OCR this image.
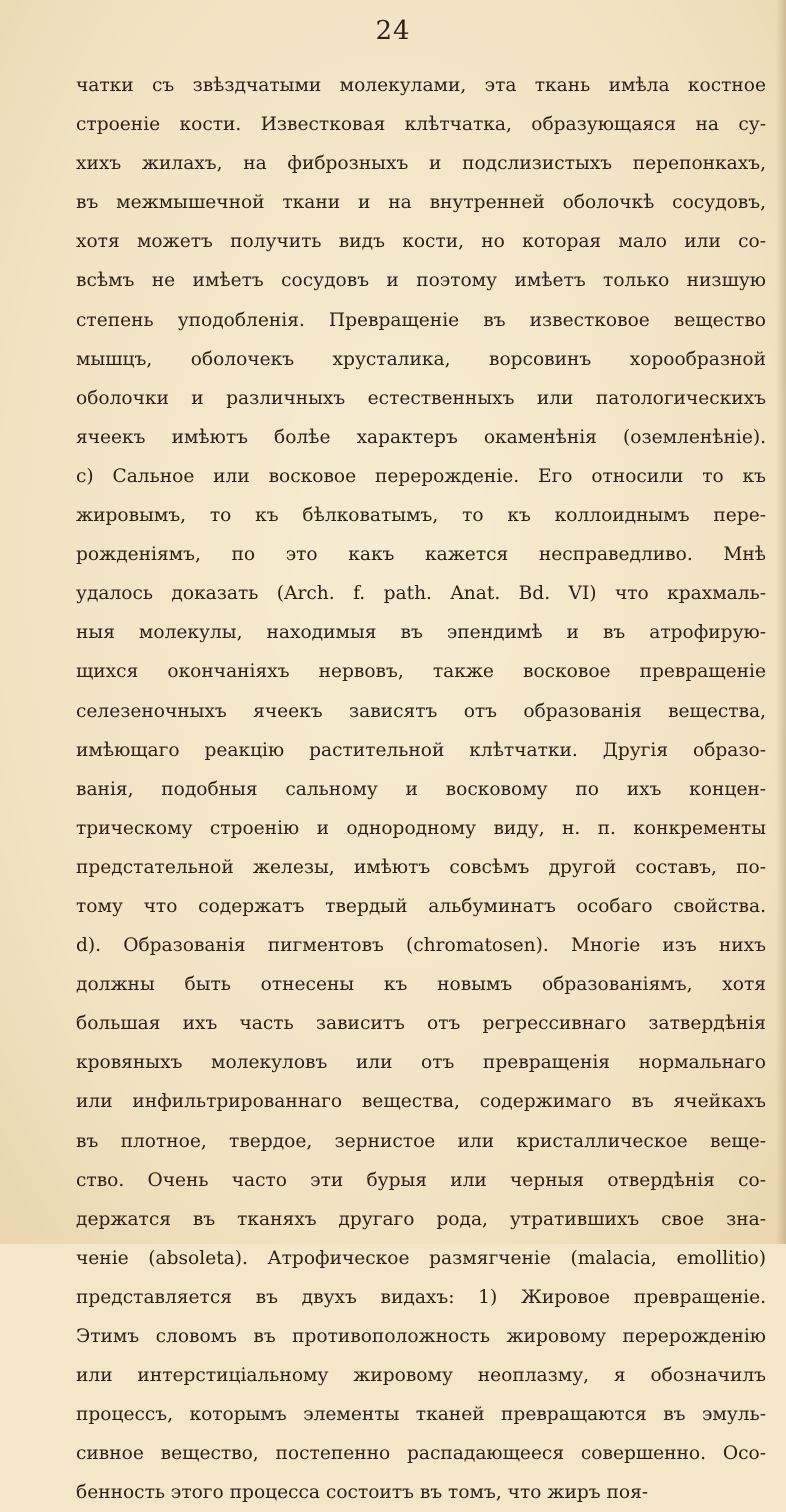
24
чатки съ звѣздчатыми молекулами, эта ткань имѣла костное
строеніе кости. Известковая клѣтчатка, образующаяся на су-
хихъ жилахъ, на фиброзныхъ и подслизистыхъ перепонкахъ,
въ межмышечной ткани и на внутренней оболочкѣ сосудовъ,
хотя можетъ получить видъ кости, но которая мало или со-
всѣмъ не имѣетъ сосудовъ и поэтому имѣетъ только низшую
степень уподобленія. Превращеніе въ известковое вещество
мышцъ, оболочекъ хрусталика, ворсовинъ хорообразной
оболочки и различныхъ естественныхъ или патологическихъ
ячеекъ имѣютъ болѣе характеръ окаменѣнія (оземленѣніе).
c) Сальное или восковое перерожденіе. Его относили то къ
жировымъ, то къ бѣлковатымъ, то къ коллоиднымъ пере-
рожденіямъ, по это какъ кажется несправедливо. Мнѣ
удалось доказать (Arch. f. path. Anat. Bd. VI) что крахмаль-
ныя молекулы, находимыя въ эпендимѣ и въ атрофирую-
щихся окончаніяхъ нервовъ, также восковое превращеніе
селезеночныхъ ячеекъ зависятъ отъ образованія вещества,
имѣющаго реакцію растительной клѣтчатки. Другія образо-
ванія, подобныя сальному и восковому по ихъ концен-
трическому строенію и однородному виду, н. п. конкременты
предстательной железы, имѣютъ совсѣмъ другой составъ, по-
тому что содержатъ твердый альбуминатъ особаго свойства.
d). Образованія пигментовъ (chromatosen). Многіе изъ нихъ
должны быть отнесены къ новымъ образованіямъ, хотя
большая ихъ часть зависитъ отъ регрессивнаго затвердѣнія
кровяныхъ молекуловъ или отъ превращенія нормальнаго
или инфильтрированнаго вещества, содержимаго въ ячейкахъ
въ плотное, твердое, зернистое или кристаллическое веще-
ство. Очень часто эти бурыя или черныя отвердѣнія со-
держатся въ тканяхъ другаго рода, утратившихъ свое зна-
ченіе (absoleta). Атрофическое размягченіе (malacia, emollitio)
представляется въ двухъ видахъ: 1) Жировое превращеніе.
Этимъ словомъ въ противоположность жировому перерожденію
или интерстиціальному жировому неоплазму, я обозначилъ
процессъ, которымъ элементы тканей превращаются въ эмуль-
сивное вещество, постепенно распадающееся совершенно. Осо-
бенность этого процесса состоитъ въ томъ, что жиръ поя-
